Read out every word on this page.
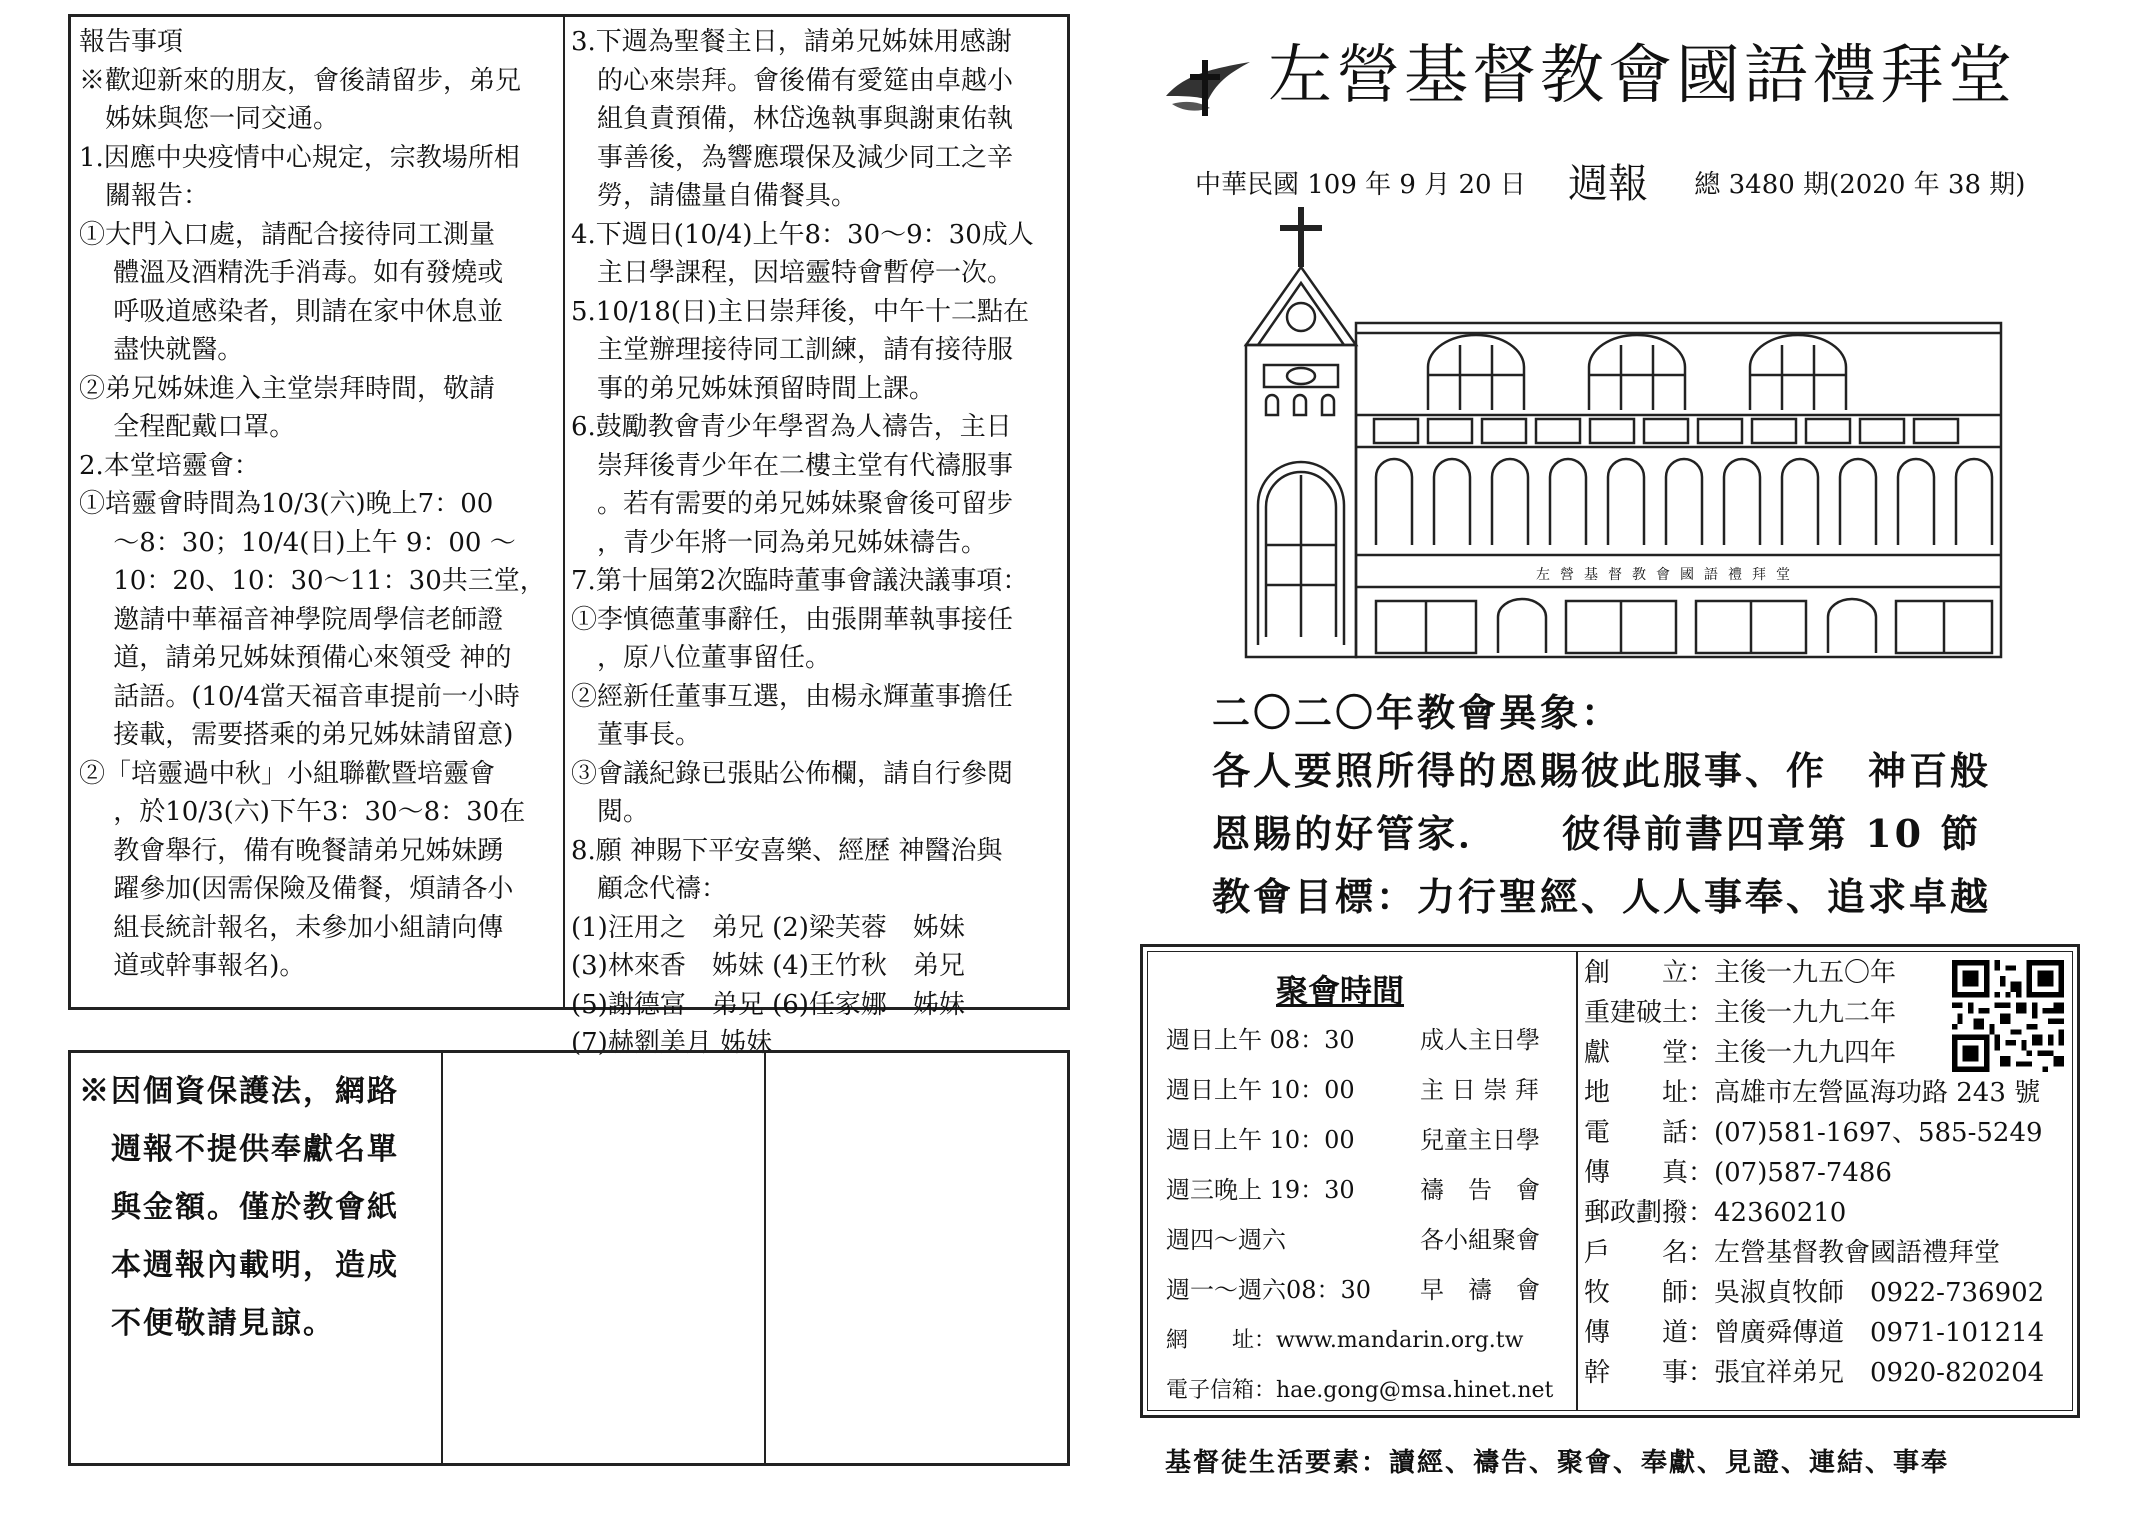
報告事項
※歡迎新來的朋友，會後請留步，弟兄
　姊妹與您一同交通。
1.因應中央疫情中心規定，宗教場所相
　關報告：
①大門入口處，請配合接待同工測量
　 體溫及酒精洗手消毒。如有發燒或
　 呼吸道感染者，則請在家中休息並
　 盡快就醫。
②弟兄姊妹進入主堂崇拜時間，敬請
　 全程配戴口罩。
2.本堂培靈會：
①培靈會時間為10/3(六)晚上7：00
　 ～8：30；10/4(日)上午 9：00 ～
　 10：20、10：30～11：30共三堂，
　 邀請中華福音神學院周學信老師證
　 道，請弟兄姊妹預備心來領受 神的
　 話語。(10/4當天福音車提前一小時
　 接載，需要搭乘的弟兄姊妹請留意)
②「培靈過中秋」小組聯歡暨培靈會
　 ，於10/3(六)下午3：30～8：30在
　 教會舉行，備有晚餐請弟兄姊妹踴
　 躍參加(因需保險及備餐，煩請各小
　 組長統計報名，未參加小組請向傳
　 道或幹事報名)。
3.下週為聖餐主日，請弟兄姊妹用感謝
　的心來崇拜。會後備有愛筵由卓越小
　組負責預備，林岱逸執事與謝東佑執
　事善後，為響應環保及減少同工之辛
　勞，請儘量自備餐具。
4.下週日(10/4)上午8：30～9：30成人
　主日學課程，因培靈特會暫停一次。
5.10/18(日)主日崇拜後，中午十二點在
　主堂辦理接待同工訓練，請有接待服
　事的弟兄姊妹預留時間上課。
6.鼓勵教會青少年學習為人禱告，主日
　崇拜後青少年在二樓主堂有代禱服事
　。若有需要的弟兄姊妹聚會後可留步
　，青少年將一同為弟兄姊妹禱告。
7.第十屆第2次臨時董事會議決議事項：
①李慎德董事辭任，由張開華執事接任
　，原八位董事留任。
②經新任董事互選，由楊永輝董事擔任
　董事長。
③會議紀錄已張貼公佈欄，請自行參閱
　閱。
8.願 神賜下平安喜樂、經歷 神醫治與
　顧念代禱：
(1)汪用之　弟兄 (2)梁芙蓉　姊妹
(3)林來香　姊妹 (4)王竹秋　弟兄
(5)謝德富　弟兄 (6)任家娜　姊妹
(7)赫劉美月 姊妹
※因個資保護法，網路
　週報不提供奉獻名單
　與金額。僅於教會紙
　本週報內載明，造成
　不便敬請見諒。
左營基督教會國語禮拜堂
中華民國 109 年 9 月 20 日 週報 總 3480 期(2020 年 38 期)
左營基督教會國語禮拜堂
二〇二〇年教會異象：
各人要照所得的恩賜彼此服事、作　神百般
恩賜的好管家．　　彼得前書四章第 10 節
教會目標：力行聖經、人人事奉、追求卓越
聚會時間
週日上午 08：30	成人主日學
週日上午 10：00	主 日 崇 拜
週日上午 10：00	兒童主日學
週三晚上 19：30	禱　告　會
週四～週六	各小組聚會
週一～週六08：30 早　禱　會
網　　址：www.mandarin.org.tw
電子信箱：hae.gong@msa.hinet.net
創　　立：主後一九五〇年
重建破土：主後一九九二年
獻　　堂：主後一九九四年
地　　址：高雄市左營區海功路 243 號
電　　話：(07)581-1697、585-5249
傳　　真：(07)587-7486
郵政劃撥：42360210
戶　　名：左營基督教會國語禮拜堂
牧　　師：吳淑貞牧師　0922-736902
傳　　道：曾廣舜傳道　0971-101214
幹　　事：張宜祥弟兄　0920-820204
基督徒生活要素：讀經、禱告、聚會、奉獻、見證、連結、事奉
